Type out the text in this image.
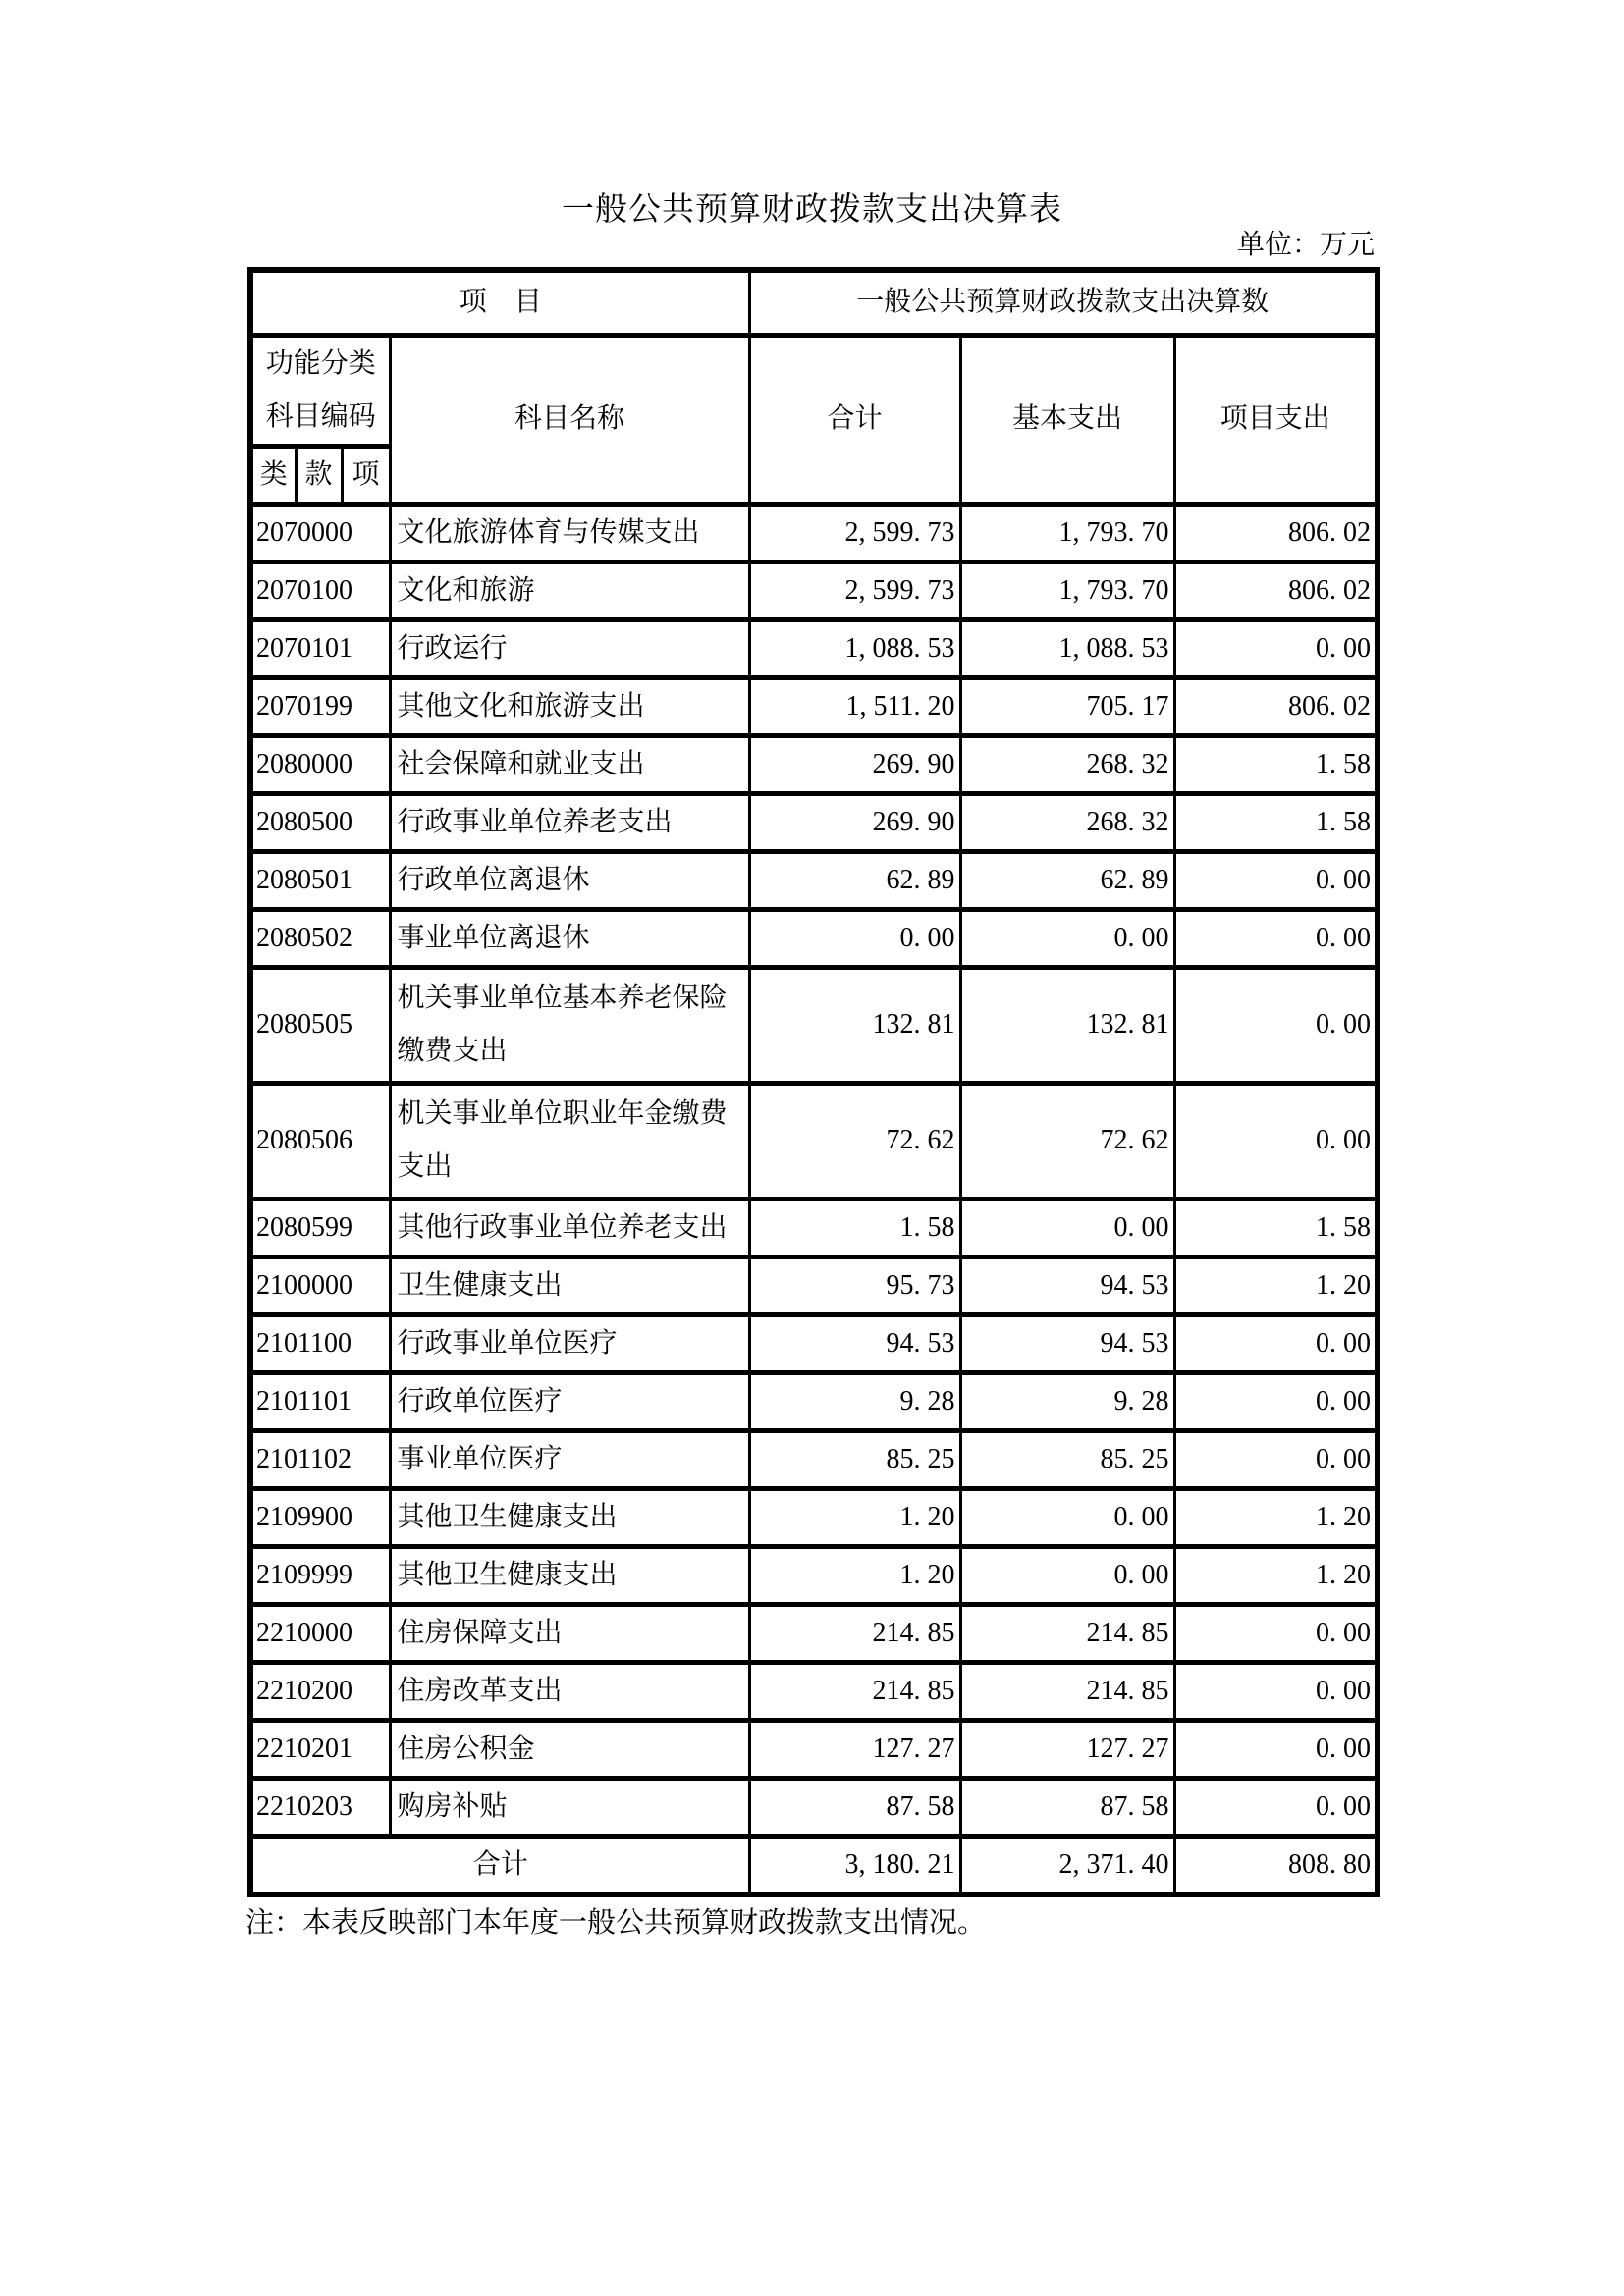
一般公共预算财政拨款支出决算表
单位：万元
项　目				一般公共预算财政拨款支出决算数		
功能分类科目编码			科目名称	合计	基本支出	项目支出
类	款	项				
2070000			文化旅游体育与传媒支出	2, 599. 73	1, 793. 70	806. 02
2070100			文化和旅游	2, 599. 73	1, 793. 70	806. 02
2070101			行政运行	1, 088. 53	1, 088. 53	0. 00
2070199			其他文化和旅游支出	1, 511. 20	705. 17	806. 02
2080000			社会保障和就业支出	269. 90	268. 32	1. 58
2080500			行政事业单位养老支出	269. 90	268. 32	1. 58
2080501			行政单位离退休	62. 89	62. 89	0. 00
2080502			事业单位离退休	0. 00	0. 00	0. 00
2080505			机关事业单位基本养老保险缴费支出	132. 81	132. 81	0. 00
2080506			机关事业单位职业年金缴费支出	72. 62	72. 62	0. 00
2080599			其他行政事业单位养老支出	1. 58	0. 00	1. 58
2100000			卫生健康支出	95. 73	94. 53	1. 20
2101100			行政事业单位医疗	94. 53	94. 53	0. 00
2101101			行政单位医疗	9. 28	9. 28	0. 00
2101102			事业单位医疗	85. 25	85. 25	0. 00
2109900			其他卫生健康支出	1. 20	0. 00	1. 20
2109999			其他卫生健康支出	1. 20	0. 00	1. 20
2210000			住房保障支出	214. 85	214. 85	0. 00
2210200			住房改革支出	214. 85	214. 85	0. 00
2210201			住房公积金	127. 27	127. 27	0. 00
2210203			购房补贴	87. 58	87. 58	0. 00
合计				3, 180. 21	2, 371. 40	808. 80
注：本表反映部门本年度一般公共预算财政拨款支出情况。
